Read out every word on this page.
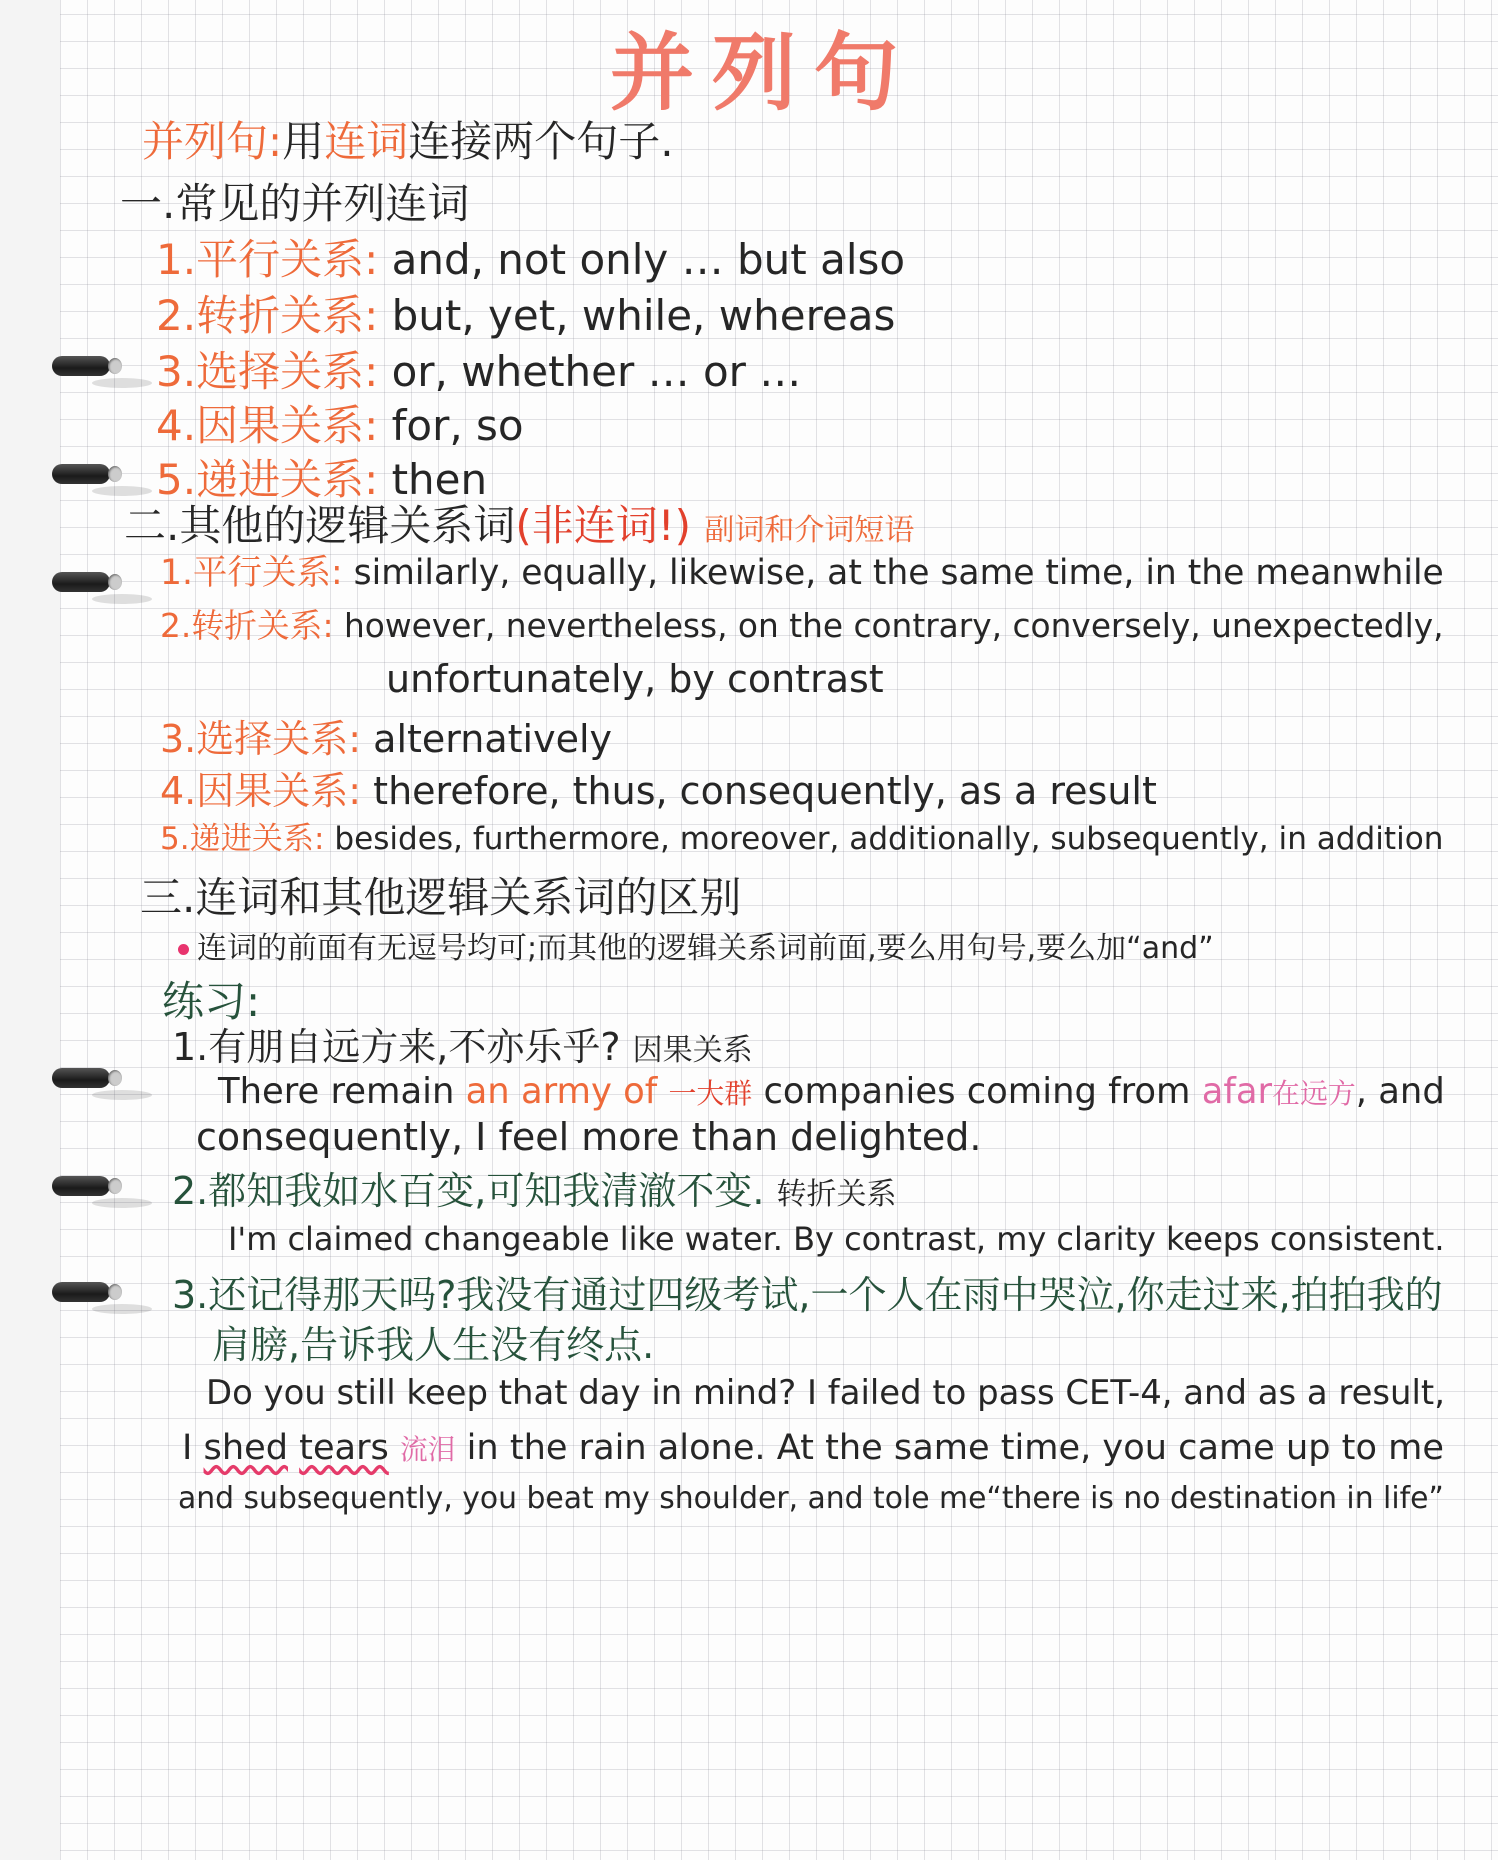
并列句
并列句:用连词连接两个句子.
一.常见的并列连词
1.平行关系: and, not only … but also
2.转折关系: but, yet, while, whereas
3.选择关系: or, whether … or …
4.因果关系: for, so
5.递进关系: then
二.其他的逻辑关系词(非连词!) 副词和介词短语
1.平行关系: similarly, equally, likewise, at the same time, in the meanwhile
2.转折关系: however, nevertheless, on the contrary, conversely, unexpectedly,
unfortunately, by contrast
3.选择关系: alternatively
4.因果关系: therefore, thus, consequently, as a result
5.递进关系: besides, furthermore, moreover, additionally, subsequently, in addition
三.连词和其他逻辑关系词的区别
连词的前面有无逗号均可;而其他的逻辑关系词前面,要么用句号,要么加“and”
练习:
1.有朋自远方来,不亦乐乎? 因果关系
There remain an army of 一大群 companies coming from afar在远方, and
consequently, I feel more than delighted.
2.都知我如水百变,可知我清澈不变. 转折关系
I'm claimed changeable like water. By contrast, my clarity keeps consistent.
3.还记得那天吗?我没有通过四级考试,一个人在雨中哭泣,你走过来,拍拍我的
肩膀,告诉我人生没有终点.
Do you still keep that day in mind? I failed to pass CET-4, and as a result,
I shed tears 流泪 in the rain alone. At the same time, you came up to me
and subsequently, you beat my shoulder, and tole me“there is no destination in life”
